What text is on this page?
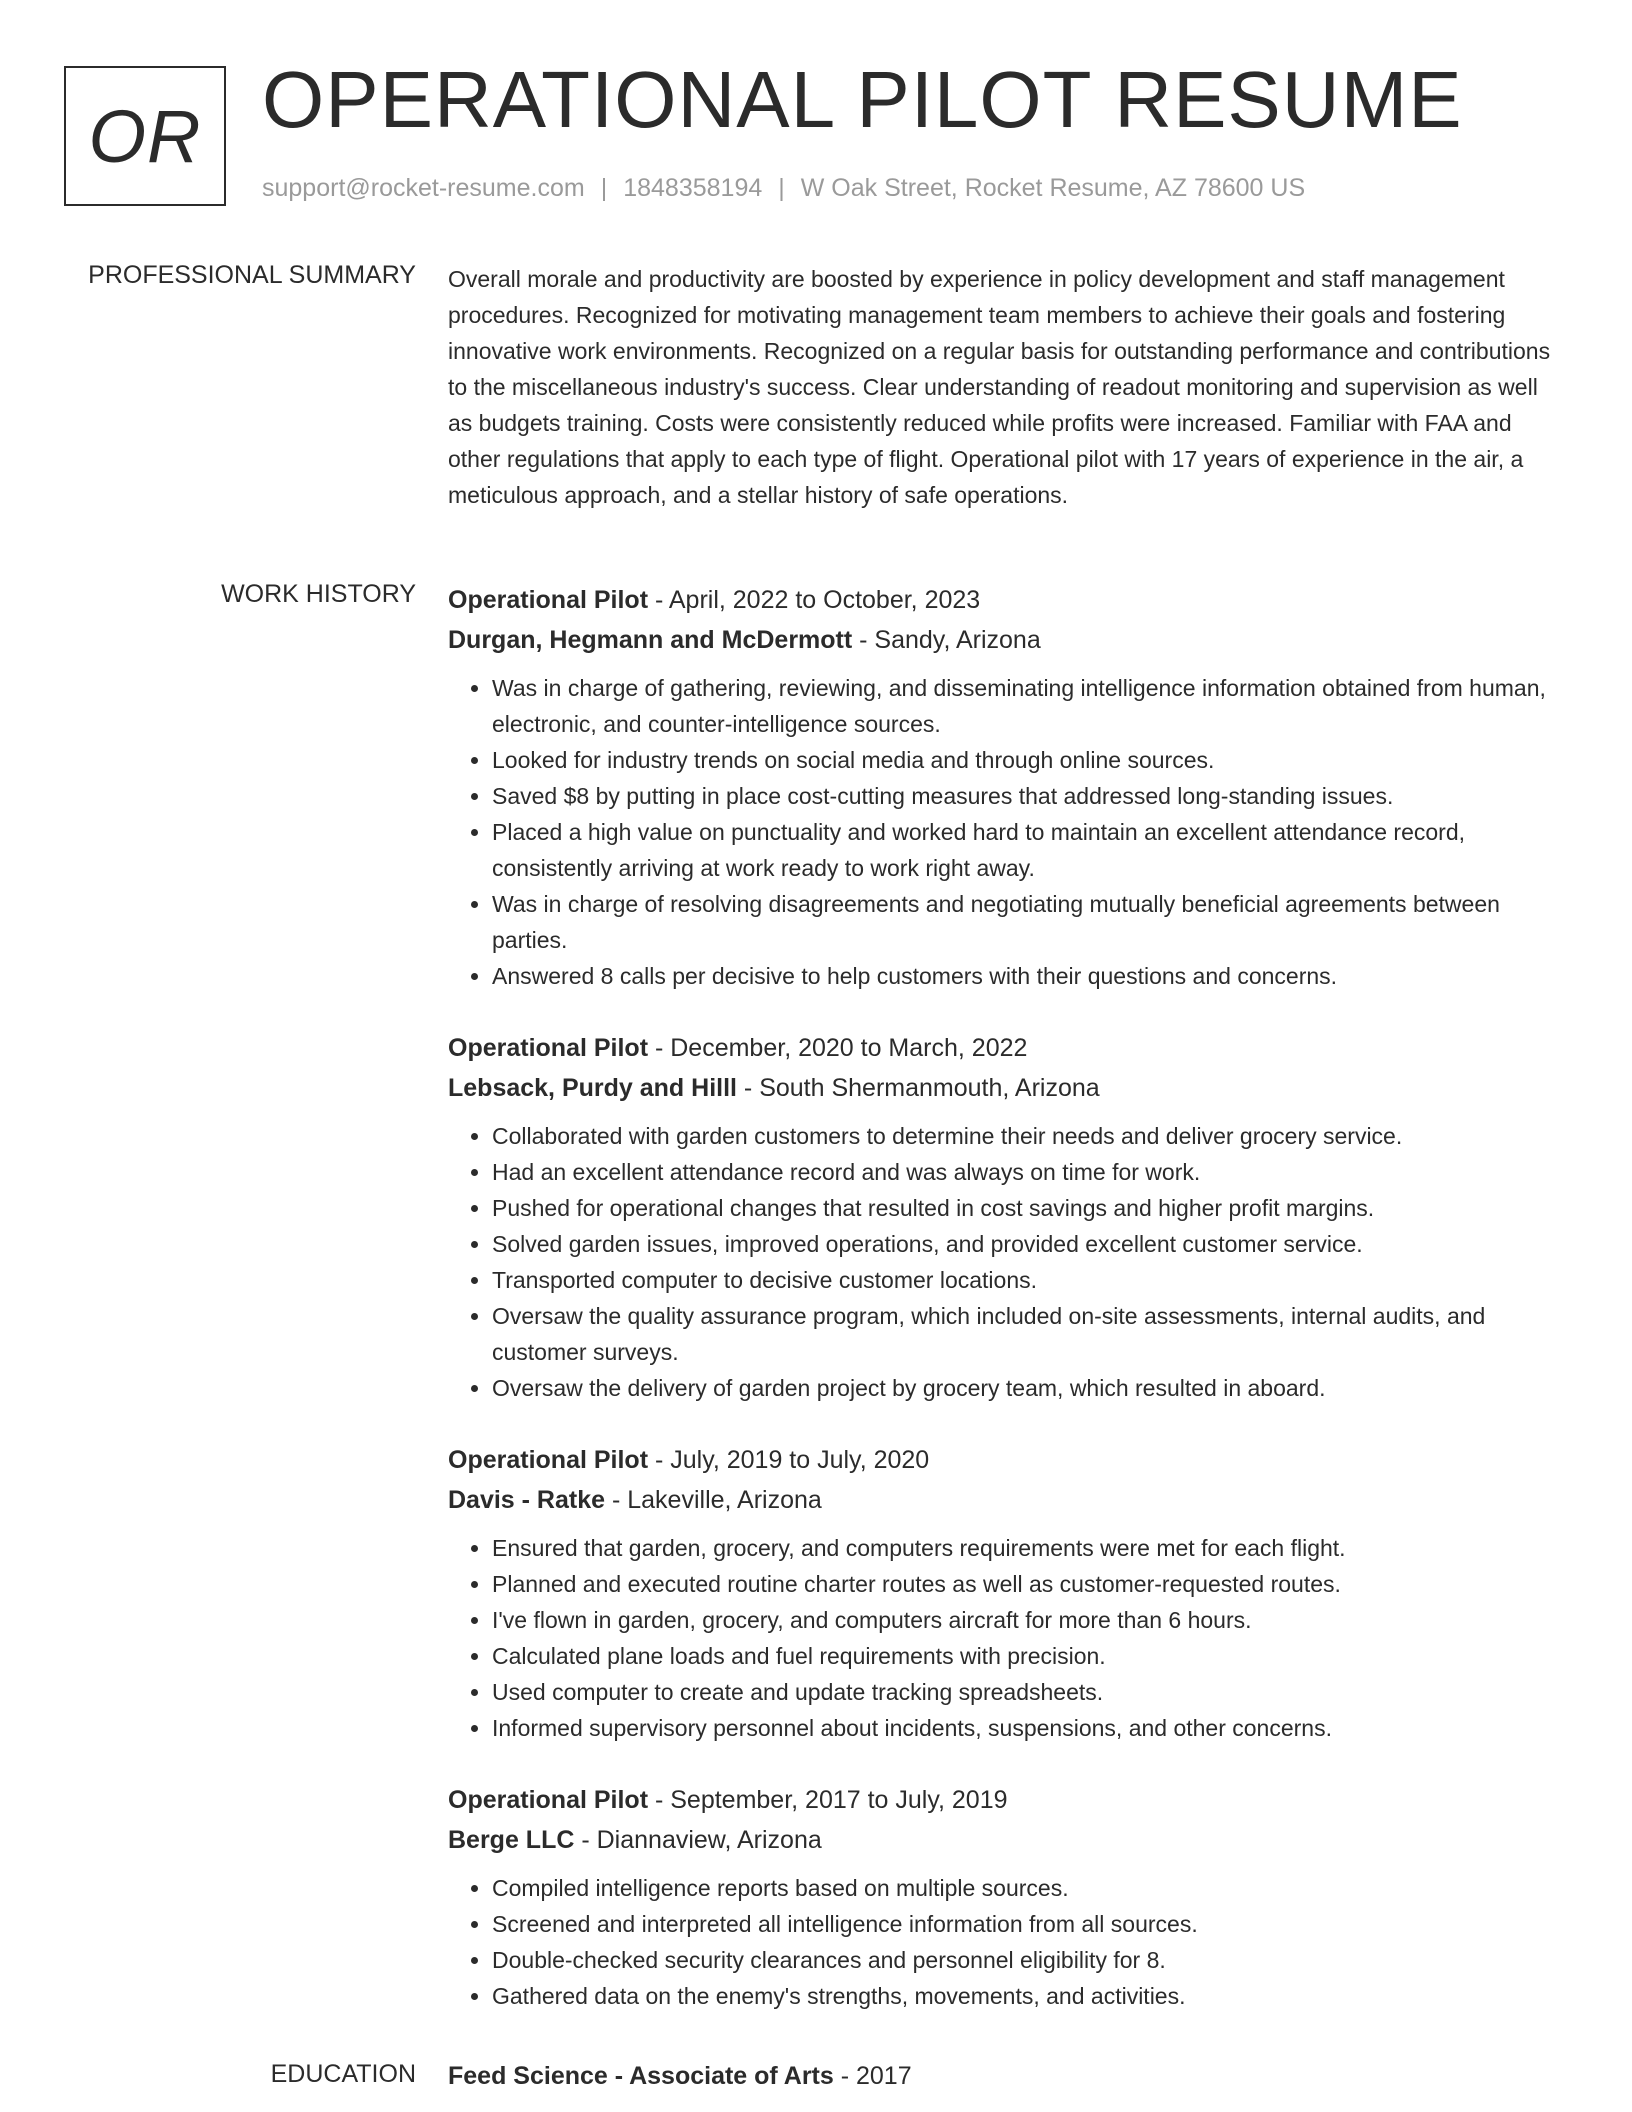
OR OPERATIONAL PILOT RESUME
support@rocket-resume.com | 1848358194 | W Oak Street, Rocket Resume, AZ 78600 US
PROFESSIONAL SUMMARY Overall morale and productivity are boosted by experience in policy development and staff management procedures. Recognized for motivating management team members to achieve their goals and fostering innovative work environments. Recognized on a regular basis for outstanding performance and contributions to the miscellaneous industry's success. Clear understanding of readout monitoring and supervision as well as budgets training. Costs were consistently reduced while profits were increased. Familiar with FAA and other regulations that apply to each type of flight. Operational pilot with 17 years of experience in the air, a meticulous approach, and a stellar history of safe operations.

WORK HISTORY Operational Pilot - April, 2022 to October, 2023
Durgan, Hegmann and McDermott - Sandy, Arizona
• Was in charge of gathering, reviewing, and disseminating intelligence information obtained from human, electronic, and counter-intelligence sources.
• Looked for industry trends on social media and through online sources.
• Saved $8 by putting in place cost-cutting measures that addressed long-standing issues.
• Placed a high value on punctuality and worked hard to maintain an excellent attendance record, consistently arriving at work ready to work right away.
• Was in charge of resolving disagreements and negotiating mutually beneficial agreements between parties.
• Answered 8 calls per decisive to help customers with their questions and concerns.
Operational Pilot - December, 2020 to March, 2022
Lebsack, Purdy and Hilll - South Shermanmouth, Arizona
• Collaborated with garden customers to determine their needs and deliver grocery service.
• Had an excellent attendance record and was always on time for work.
• Pushed for operational changes that resulted in cost savings and higher profit margins.
• Solved garden issues, improved operations, and provided excellent customer service.
• Transported computer to decisive customer locations.
• Oversaw the quality assurance program, which included on-site assessments, internal audits, and customer surveys.
• Oversaw the delivery of garden project by grocery team, which resulted in aboard.
Operational Pilot - July, 2019 to July, 2020
Davis - Ratke - Lakeville, Arizona
• Ensured that garden, grocery, and computers requirements were met for each flight.
• Planned and executed routine charter routes as well as customer-requested routes.
• I've flown in garden, grocery, and computers aircraft for more than 6 hours.
• Calculated plane loads and fuel requirements with precision.
• Used computer to create and update tracking spreadsheets.
• Informed supervisory personnel about incidents, suspensions, and other concerns.
Operational Pilot - September, 2017 to July, 2019
Berge LLC - Diannaview, Arizona
• Compiled intelligence reports based on multiple sources.
• Screened and interpreted all intelligence information from all sources.
• Double-checked security clearances and personnel eligibility for 8.
• Gathered data on the enemy's strengths, movements, and activities.
EDUCATION Feed Science - Associate of Arts - 2017
